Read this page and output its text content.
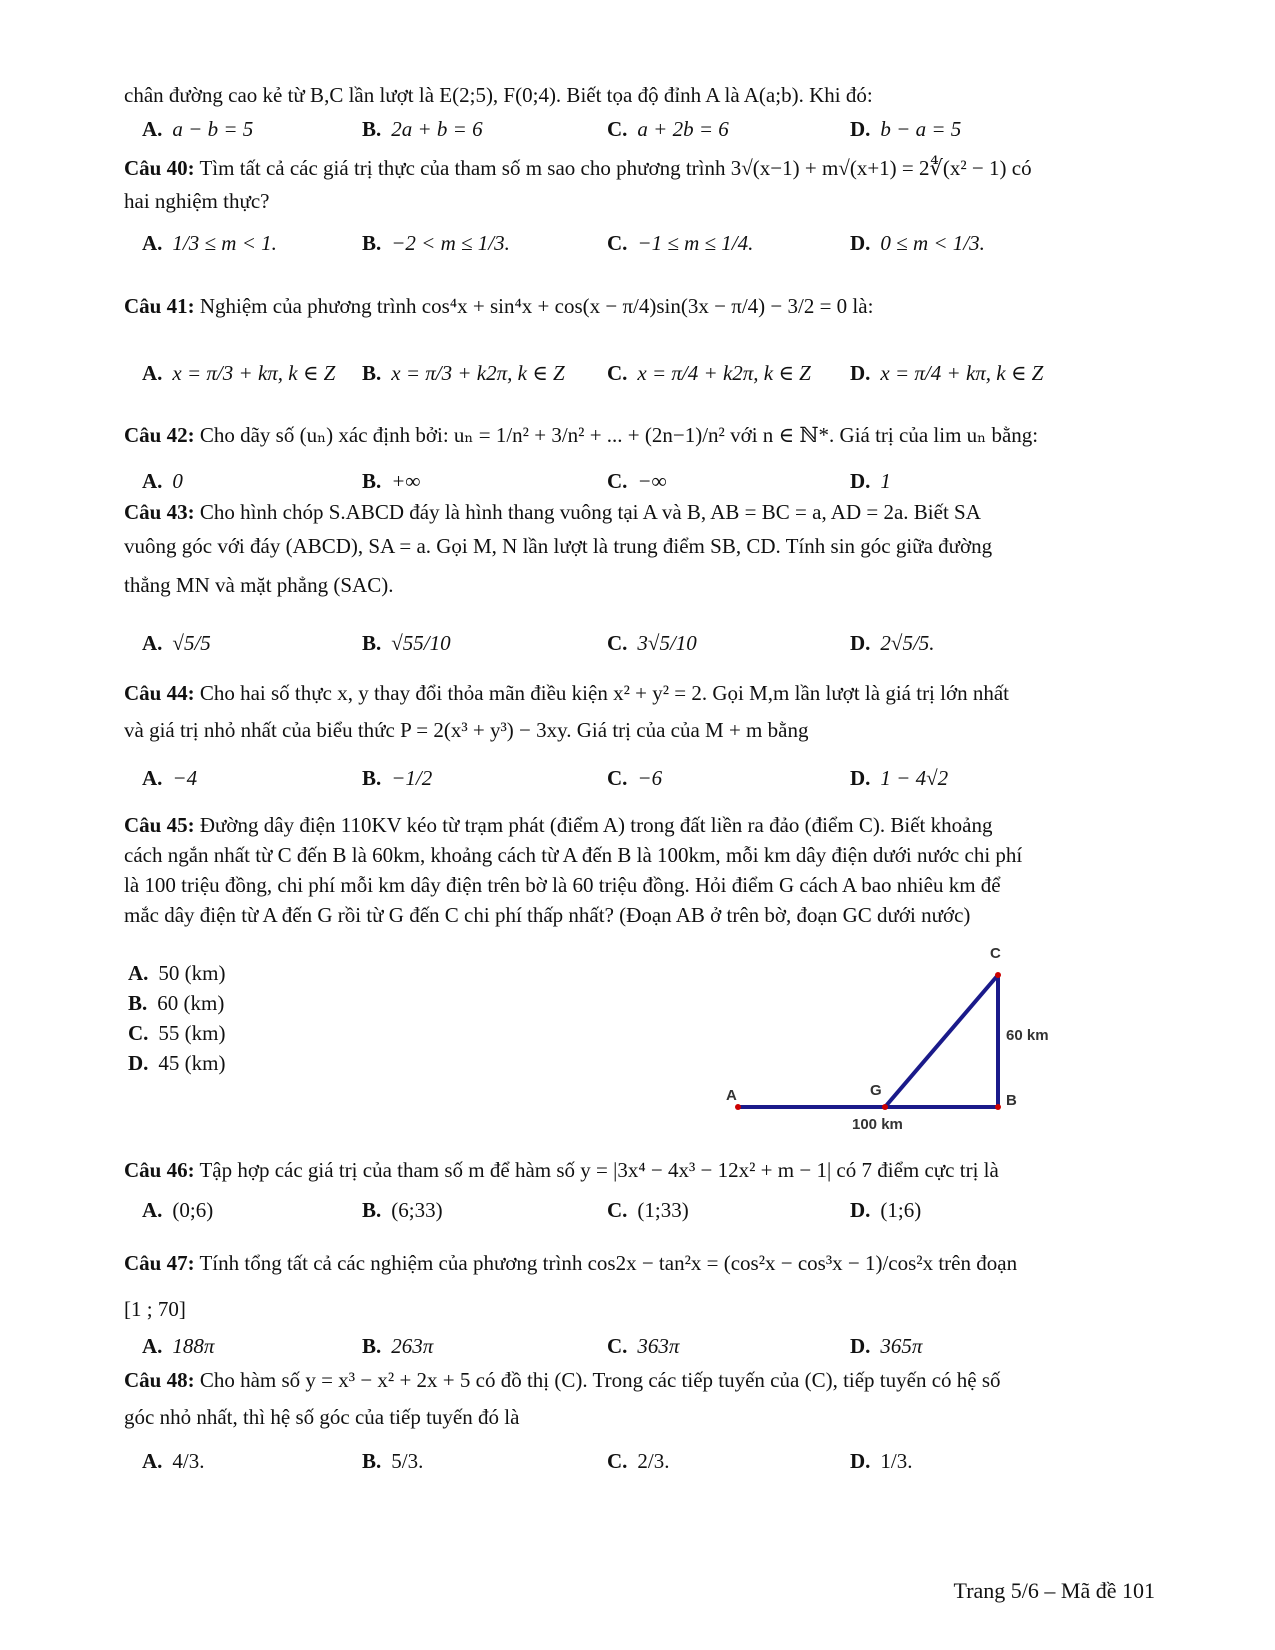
chân đường cao kẻ từ B,C lần lượt là E(2;5), F(0;4). Biết tọa độ đỉnh A là A(a;b). Khi đó:
A. a − b = 5	B. 2a + b = 6	C. a + 2b = 6	D. b − a = 5
Câu 40: Tìm tất cả các giá trị thực của tham số m sao cho phương trình 3√(x−1) + m√(x+1) = 2∜(x² − 1) có
hai nghiệm thực?
A. 1/3 ≤ m < 1.	B. −2 < m ≤ 1/3.	C. −1 ≤ m ≤ 1/4.	D. 0 ≤ m < 1/3.
Câu 41: Nghiệm của phương trình cos⁴x + sin⁴x + cos(x − π/4)sin(3x − π/4) − 3/2 = 0 là:
A. x = π/3 + kπ, k ∈ Z B. x = π/3 + k2π, k ∈ Z C. x = π/4 + k2π, k ∈ Z D. x = π/4 + kπ, k ∈ Z
Câu 42: Cho dãy số (uₙ) xác định bởi: uₙ = 1/n² + 3/n² + ... + (2n−1)/n² với n ∈ ℕ*. Giá trị của lim uₙ bằng:
A. 0	B. +∞	C. −∞	D. 1
Câu 43: Cho hình chóp S.ABCD đáy là hình thang vuông tại A và B, AB = BC = a, AD = 2a. Biết SA
vuông góc với đáy (ABCD), SA = a. Gọi M, N lần lượt là trung điểm SB, CD. Tính sin góc giữa đường
thẳng MN và mặt phẳng (SAC).
A. √5/5	B. √55/10	C. 3√5/10	D. 2√5/5.
Câu 44: Cho hai số thực x, y thay đổi thỏa mãn điều kiện x² + y² = 2. Gọi M,m lần lượt là giá trị lớn nhất
và giá trị nhỏ nhất của biểu thức P = 2(x³ + y³) − 3xy. Giá trị của của M + m bằng
A. −4	B. −1/2	C. −6	D. 1 − 4√2
Câu 45: Đường dây điện 110KV kéo từ trạm phát (điểm A) trong đất liền ra đảo (điểm C). Biết khoảng
cách ngắn nhất từ C đến B là 60km, khoảng cách từ A đến B là 100km, mỗi km dây điện dưới nước chi phí
là 100 triệu đồng, chi phí mỗi km dây điện trên bờ là 60 triệu đồng. Hỏi điểm G cách A bao nhiêu km để
mắc dây điện từ A đến G rồi từ G đến C chi phí thấp nhất? (Đoạn AB ở trên bờ, đoạn GC dưới nước)
A. 50 (km)
B. 60 (km)
C. 55 (km)
D. 45 (km)
A	G
B
60 km
100 km
C
Câu 46: Tập hợp các giá trị của tham số m để hàm số y = |3x⁴ − 4x³ − 12x² + m − 1| có 7 điểm cực trị là
A. (0;6)	B. (6;33)	C. (1;33)	D. (1;6)
Câu 47: Tính tổng tất cả các nghiệm của phương trình cos2x − tan²x = (cos²x − cos³x − 1)/cos²x trên đoạn
[1 ; 70]
A. 188π	B. 263π	C. 363π	D. 365π
Câu 48: Cho hàm số y = x³ − x² + 2x + 5 có đồ thị (C). Trong các tiếp tuyến của (C), tiếp tuyến có hệ số
góc nhỏ nhất, thì hệ số góc của tiếp tuyến đó là
A. 4/3.	B. 5/3.	C. 2/3.	D. 1/3.
Trang 5/6 – Mã đề 101
